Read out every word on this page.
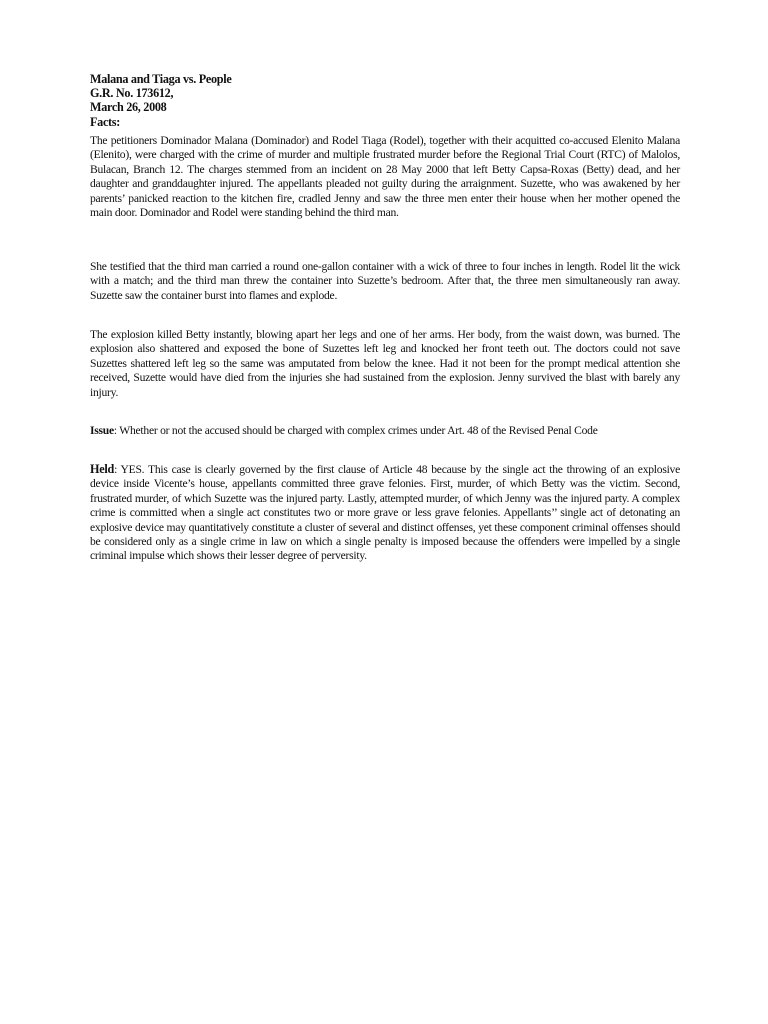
Malana and Tiaga vs. People
G.R. No. 173612,
March 26, 2008
Facts:
The petitioners Dominador Malana (Dominador) and Rodel Tiaga (Rodel), together with their acquitted co-accused Elenito Malana (Elenito), were charged with the crime of murder and multiple frustrated murder before the Regional Trial Court (RTC) of Malolos, Bulacan, Branch 12. The charges stemmed from an incident on 28 May 2000 that left Betty Capsa-Roxas (Betty) dead, and her daughter and granddaughter injured. The appellants pleaded not guilty during the arraignment. Suzette, who was awakened by her parents’ panicked reaction to the kitchen fire, cradled Jenny and saw the three men enter their house when her mother opened the main door. Dominador and Rodel were standing behind the third man.
She testified that the third man carried a round one-gallon container with a wick of three to four inches in length. Rodel lit the wick with a match; and the third man threw the container into Suzette’s bedroom. After that, the three men simultaneously ran away. Suzette saw the container burst into flames and explode.
The explosion killed Betty instantly, blowing apart her legs and one of her arms. Her body, from the waist down, was burned. The explosion also shattered and exposed the bone of Suzettes left leg and knocked her front teeth out. The doctors could not save Suzettes shattered left leg so the same was amputated from below the knee. Had it not been for the prompt medical attention she received, Suzette would have died from the injuries she had sustained from the explosion. Jenny survived the blast with barely any injury.
Issue: Whether or not the accused should be charged with complex crimes under Art. 48 of the Revised Penal Code
Held: YES. This case is clearly governed by the first clause of Article 48 because by the single act the throwing of an explosive device inside Vicente’s house, appellants committed three grave felonies. First, murder, of which Betty was the victim. Second, frustrated murder, of which Suzette was the injured party. Lastly, attempted murder, of which Jenny was the injured party. A complex crime is committed when a single act constitutes two or more grave or less grave felonies. Appellants’’ single act of detonating an explosive device may quantitatively constitute a cluster of several and distinct offenses, yet these component criminal offenses should be considered only as a single crime in law on which a single penalty is imposed because the offenders were impelled by a single criminal impulse which shows their lesser degree of perversity.
